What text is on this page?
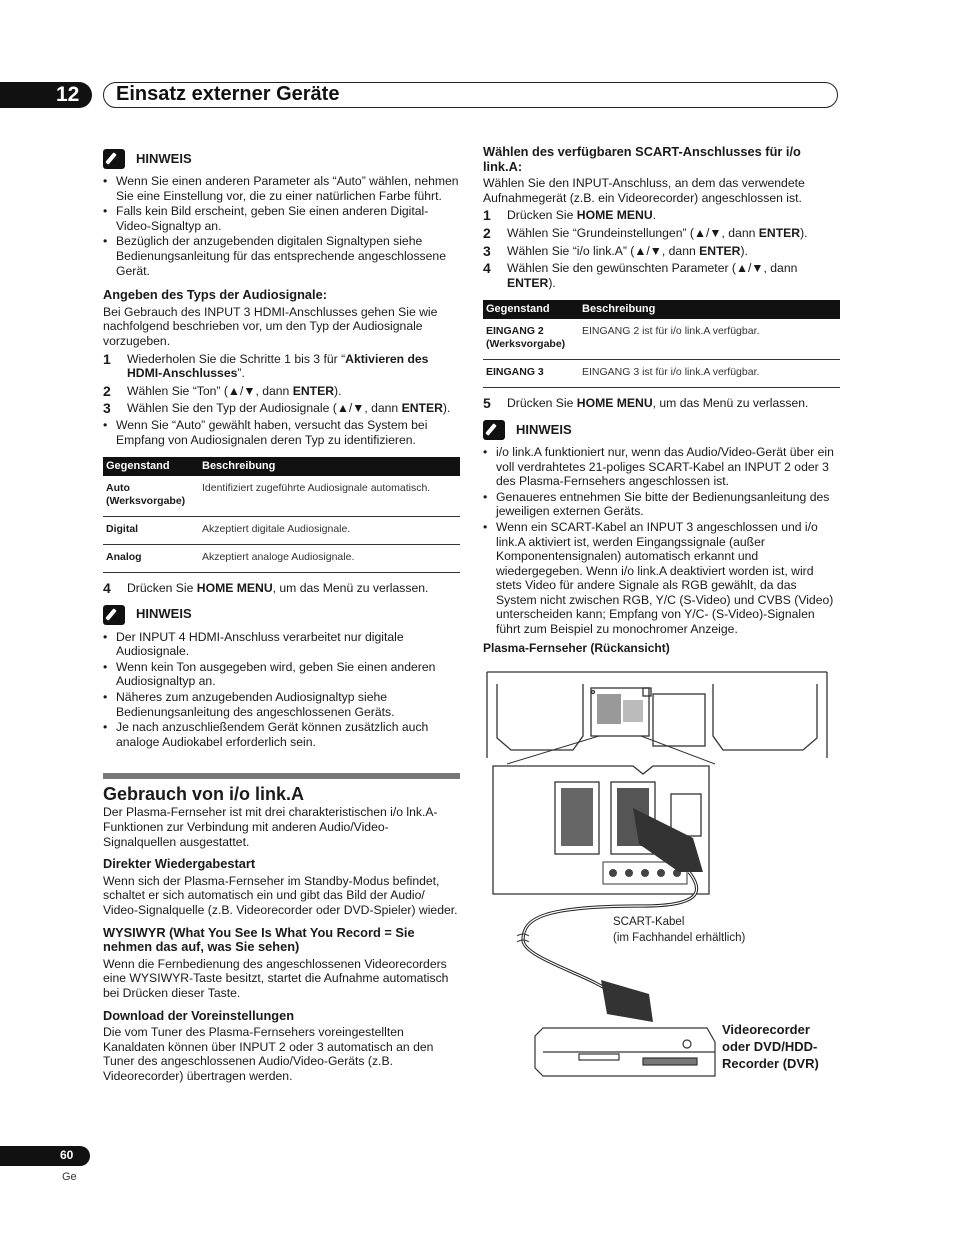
12 Einsatz externer Geräte
HINWEIS
• Wenn Sie einen anderen Parameter als “Auto” wählen, nehmen Sie eine Einstellung vor, die zu einer natürlichen Farbe führt.
• Falls kein Bild erscheint, geben Sie einen anderen Digital-Video-Signaltyp an.
• Bezüglich der anzugebenden digitalen Signaltypen siehe Bedienungsanleitung für das entsprechende angeschlossene Gerät.
Angeben des Typs der Audiosignale:

Bei Gebrauch des INPUT 3 HDMI-Anschlusses gehen Sie wie nachfolgend beschrieben vor, um den Typ der Audiosignale vorzugeben.

1	Wiederholen Sie die Schritte 1 bis 3 für “Aktivieren des HDMI-Anschlusses”.
2	Wählen Sie “Ton” (▲/▼, dann ENTER).
3	Wählen Sie den Typ der Audiosignale (▲/▼, dann ENTER).
• Wenn Sie “Auto” gewählt haben, versucht das System bei Empfang von Audiosignalen deren Typ zu identifizieren.
Gegenstand	Beschreibung
Auto (Werksvorgabe)	Identifiziert zugeführte Audiosignale automatisch.
Digital	Akzeptiert digitale Audiosignale.
Analog	Akzeptiert analoge Audiosignale.
4	Drücken Sie HOME MENU, um das Menü zu verlassen.
HINWEIS
• Der INPUT 4 HDMI-Anschluss verarbeitet nur digitale Audiosignale.
• Wenn kein Ton ausgegeben wird, geben Sie einen anderen Audiosignaltyp an.
• Näheres zum anzugebenden Audiosignaltyp siehe Bedienungsanleitung des angeschlossenen Geräts.
• Je nach anzuschließendem Gerät können zusätzlich auch analoge Audiokabel erforderlich sein.
Gebrauch von i/o link.A

Der Plasma-Fernseher ist mit drei charakteristischen i/o lnk.A-Funktionen zur Verbindung mit anderen Audio/Video-Signalquellen ausgestattet.

Direkter Wiedergabestart

Wenn sich der Plasma-Fernseher im Standby-Modus befindet, schaltet er sich automatisch ein und gibt das Bild der Audio/ Video-Signalquelle (z.B. Videorecorder oder DVD-Spieler) wieder.

WYSIWYR (What You See Is What You Record = Sie nehmen das auf, was Sie sehen)

Wenn die Fernbedienung des angeschlossenen Videorecorders eine WYSIWYR-Taste besitzt, startet die Aufnahme automatisch bei Drücken dieser Taste.

Download der Voreinstellungen

Die vom Tuner des Plasma-Fernsehers voreingestellten Kanaldaten können über INPUT 2 oder 3 automatisch an den Tuner des angeschlossenen Audio/Video-Geräts (z.B. Videorecorder) übertragen werden.

Wählen des verfügbaren SCART-Anschlusses für i/o link.A:

Wählen Sie den INPUT-Anschluss, an dem das verwendete Aufnahmegerät (z.B. ein Videorecorder) angeschlossen ist.

1	Drücken Sie HOME MENU.
2	Wählen Sie “Grundeinstellungen” (▲/▼, dann ENTER).
3	Wählen Sie “i/o link.A” (▲/▼, dann ENTER).
4	Wählen Sie den gewünschten Parameter (▲/▼, dann ENTER).
Gegenstand	Beschreibung
EINGANG 2 (Werksvorgabe)	EINGANG 2 ist für i/o link.A verfügbar.
EINGANG 3	EINGANG 3 ist für i/o link.A verfügbar.
5	Drücken Sie HOME MENU, um das Menü zu verlassen.
HINWEIS
• i/o link.A funktioniert nur, wenn das Audio/Video-Gerät über ein voll verdrahtetes 21-poliges SCART-Kabel an INPUT 2 oder 3 des Plasma-Fernsehers angeschlossen ist.
• Genaueres entnehmen Sie bitte der Bedienungsanleitung des jeweiligen externen Geräts.
• Wenn ein SCART-Kabel an INPUT 3 angeschlossen und i/o link.A aktiviert ist, werden Eingangssignale (außer Komponentensignalen) automatisch erkannt und wiedergegeben. Wenn i/o link.A deaktiviert worden ist, wird stets Video für andere Signale als RGB gewählt, da das System nicht zwischen RGB, Y/C (S-Video) und CVBS (Video) unterscheiden kann; Empfang von Y/C- (S-Video)-Signalen führt zum Beispiel zu monochromer Anzeige.
Plasma-Fernseher (Rückansicht)
SCART-Kabel
(im Fachhandel erhältlich)
Videorecorder
oder DVD/HDD-
Recorder (DVR)
60
Ge
